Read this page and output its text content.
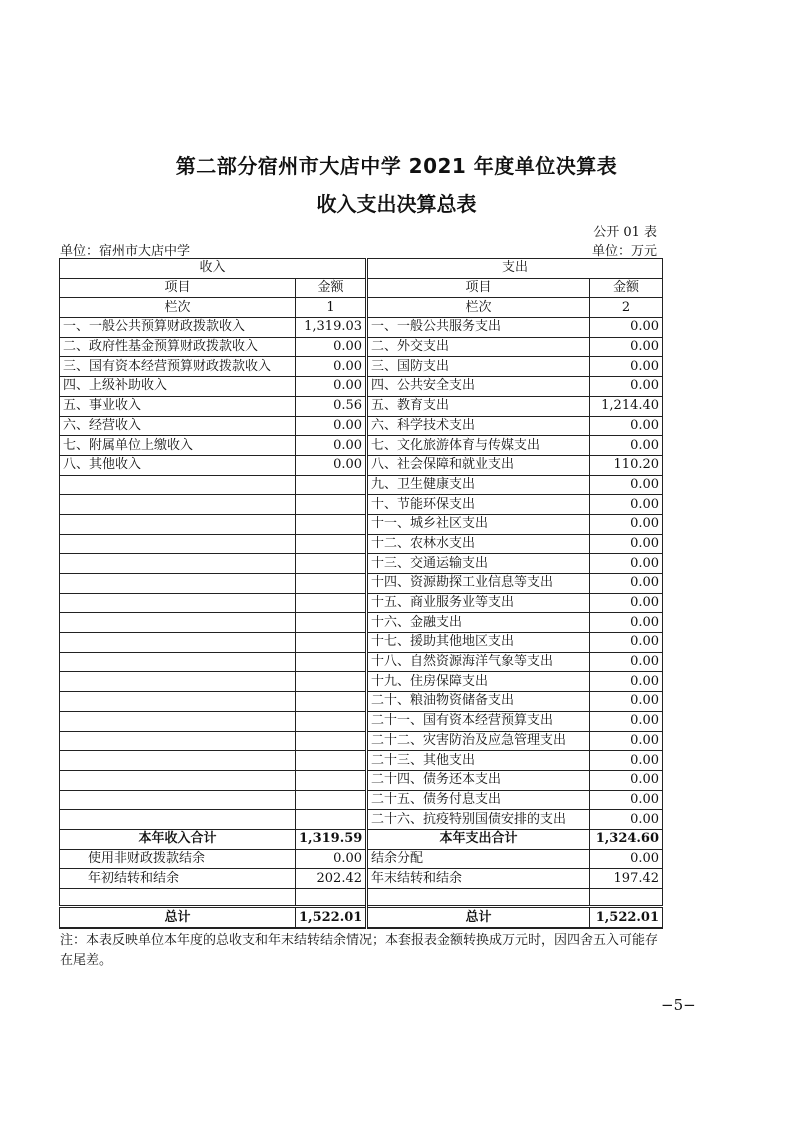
第二部分宿州市大店中学 2021 年度单位决算表
收入支出决算总表
公开 01 表
单位：宿州市大店中学	单位：万元
收入		支出	
项目	金额	项目	金额
栏次	1	栏次	2
一、一般公共预算财政拨款收入	1,319.03	一、一般公共服务支出	0.00
二、政府性基金预算财政拨款收入	0.00	二、外交支出	0.00
三、国有资本经营预算财政拨款收入	0.00	三、国防支出	0.00
四、上级补助收入	0.00	四、公共安全支出	0.00
五、事业收入	0.56	五、教育支出	1,214.40
六、经营收入	0.00	六、科学技术支出	0.00
七、附属单位上缴收入	0.00	七、文化旅游体育与传媒支出	0.00
八、其他收入	0.00	八、社会保障和就业支出	110.20
		九、卫生健康支出	0.00
		十、节能环保支出	0.00
		十一、城乡社区支出	0.00
		十二、农林水支出	0.00
		十三、交通运输支出	0.00
		十四、资源勘探工业信息等支出	0.00
		十五、商业服务业等支出	0.00
		十六、金融支出	0.00
		十七、援助其他地区支出	0.00
		十八、自然资源海洋气象等支出	0.00
		十九、住房保障支出	0.00
		二十、粮油物资储备支出	0.00
		二十一、国有资本经营预算支出	0.00
		二十二、灾害防治及应急管理支出	0.00
		二十三、其他支出	0.00
		二十四、债务还本支出	0.00
		二十五、债务付息支出	0.00
		二十六、抗疫特别国债安排的支出	0.00
本年收入合计	1,319.59	本年支出合计	1,324.60
使用非财政拨款结余	0.00	结余分配	0.00
年初结转和结余	202.42	年末结转和结余	197.42

总计	1,522.01	总计	1,522.01
注：本表反映单位本年度的总收支和年末结转结余情况；本套报表金额转换成万元时，因四舍五入可能存在尾差。
−5−
